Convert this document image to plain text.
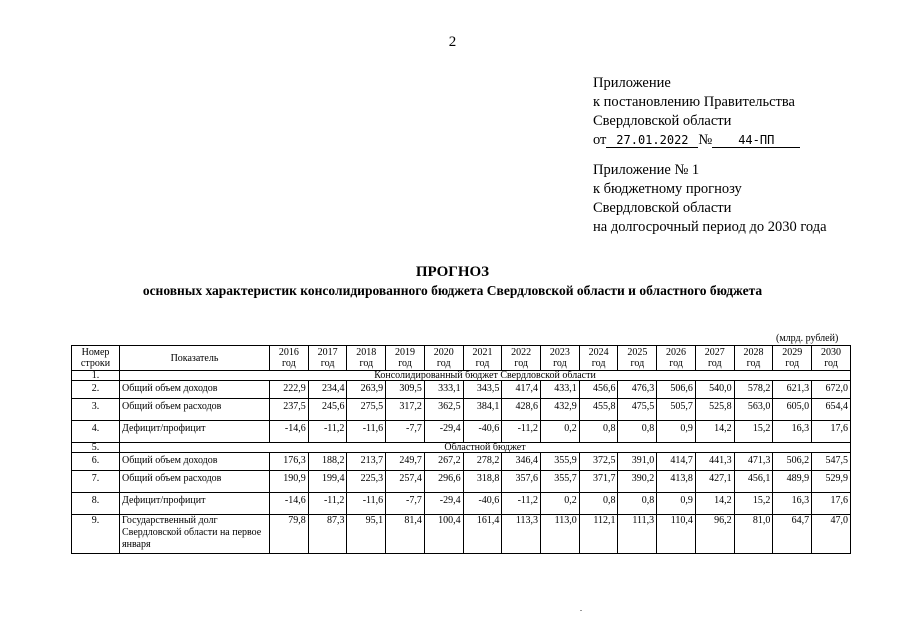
2
Приложение
к постановлению Правительства
Свердловской области
от 27.01.2022 № 44-ПП
Приложение № 1
к бюджетному прогнозу
Свердловской области
на долгосрочный период до 2030 года
ПРОГНОЗ
основных характеристик консолидированного бюджета Свердловской области и областного бюджета
(млрд. рублей)
Номер строки	Показатель	2016 год	2017 год	2018 год	2019 год	2020 год	2021 год	2022 год	2023 год	2024 год	2025 год	2026 год	2027 год	2028 год	2029 год	2030 год
1.	Консолидированный бюджет Свердловской области															
2.	Общий объем доходов	222,9	234,4	263,9	309,5	333,1	343,5	417,4	433,1	456,6	476,3	506,6	540,0	578,2	621,3	672,0
3.	Общий объем расходов	237,5	245,6	275,5	317,2	362,5	384,1	428,6	432,9	455,8	475,5	505,7	525,8	563,0	605,0	654,4
4.	Дефицит/профицит	-14,6	-11,2	-11,6	-7,7	-29,4	-40,6	-11,2	0,2	0,8	0,8	0,9	14,2	15,2	16,3	17,6
5.	Областной бюджет															
6.	Общий объем доходов	176,3	188,2	213,7	249,7	267,2	278,2	346,4	355,9	372,5	391,0	414,7	441,3	471,3	506,2	547,5
7.	Общий объем расходов	190,9	199,4	225,3	257,4	296,6	318,8	357,6	355,7	371,7	390,2	413,8	427,1	456,1	489,9	529,9
8.	Дефицит/профицит	-14,6	-11,2	-11,6	-7,7	-29,4	-40,6	-11,2	0,2	0,8	0,8	0,9	14,2	15,2	16,3	17,6
9.	Государственный долг Свердловской области на первое января	79,8	87,3	95,1	81,4	100,4	161,4	113,3	113,0	112,1	111,3	110,4	96,2	81,0	64,7	47,0
